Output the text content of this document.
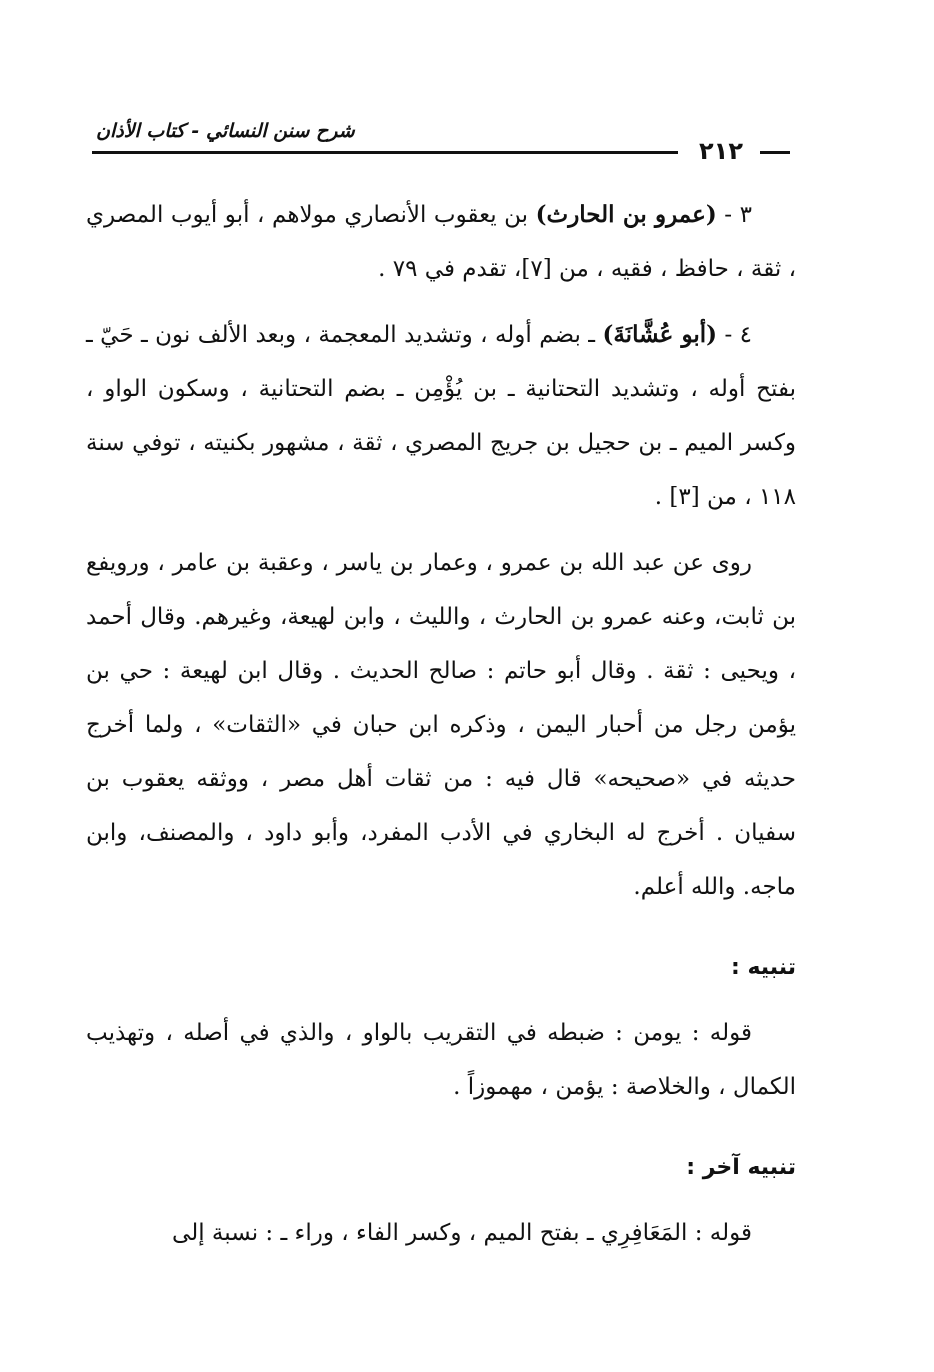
شرح سنن النسائي - كتاب الأذان
٢١٢

٣ - (عمرو بن الحارث) بن يعقوب الأنصاري مولاهم ، أبو أيوب المصري ، ثقة ، حافظ ، فقيه ، من [٧]، تقدم في ٧٩ .

٤ - (أبو عُشَّانَةَ) ـ بضم أوله ، وتشديد المعجمة ، وبعد الألف نون ـ حَيّ ـ بفتح أوله ، وتشديد التحتانية ـ بن يُؤْمِن ـ بضم التحتانية ، وسكون الواو ، وكسر الميم ـ بن حجيل بن جريج المصري ، ثقة ، مشهور بكنيته ، توفي سنة ١١٨ ، من [٣] .

روى عن عبد الله بن عمرو ، وعمار بن ياسر ، وعقبة بن عامر ، ورويفع بن ثابت، وعنه عمرو بن الحارث ، والليث ، وابن لهيعة، وغيرهم. وقال أحمد ، ويحيى : ثقة . وقال أبو حاتم : صالح الحديث . وقال ابن لهيعة : حي بن يؤمن رجل من أحبار اليمن ، وذكره ابن حبان في «الثقات» ، ولما أخرج حديثه في «صحيحه» قال فيه : من ثقات أهل مصر ، ووثقه يعقوب بن سفيان . أخرج له البخاري في الأدب المفرد، وأبو داود ، والمصنف، وابن ماجه. والله أعلم.

تنبيه :

قوله : يومن : ضبطه في التقريب بالواو ، والذي في أصله ، وتهذيب الكمال ، والخلاصة : يؤمن ، مهموزاً .

تنبيه آخر :

قوله : المَعَافِرِي ـ بفتح الميم ، وكسر الفاء ، وراء ـ : نسبة إلى
